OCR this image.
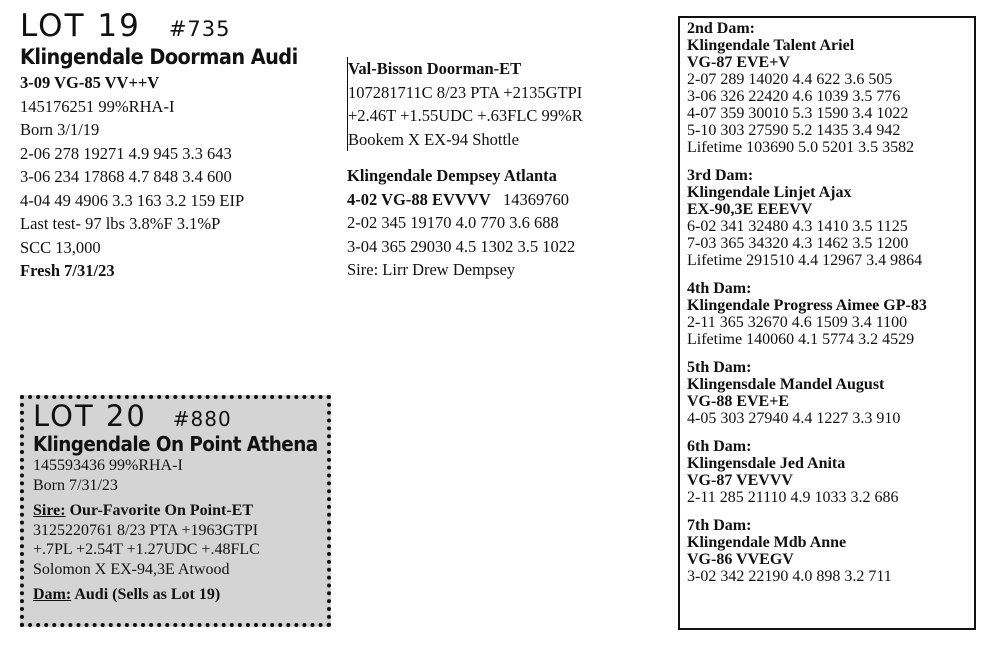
LOT 19 #735
Klingendale Doorman Audi
3-09 VG-85 VV++V
145176251 99%RHA-I
Born 3/1/19
2-06 278 19271 4.9 945 3.3 643
3-06 234 17868 4.7 848 3.4 600
4-04 49 4906 3.3 163 3.2 159 EIP
Last test- 97 lbs 3.8%F 3.1%P
SCC 13,000
Fresh 7/31/23
Val-Bisson Doorman-ET
107281711C 8/23 PTA +2135GTPI
+2.46T +1.55UDC +.63FLC 99%R
Bookem X EX-94 Shottle
Klingendale Dempsey Atlanta
4-02 VG-88 EVVVV 14369760
2-02 345 19170 4.0 770 3.6 688
3-04 365 29030 4.5 1302 3.5 1022
Sire: Lirr Drew Dempsey
2nd Dam:
Klingendale Talent Ariel
VG-87 EVE+V
2-07 289 14020 4.4 622 3.6 505
3-06 326 22420 4.6 1039 3.5 776
4-07 359 30010 5.3 1590 3.4 1022
5-10 303 27590 5.2 1435 3.4 942
Lifetime 103690 5.0 5201 3.5 3582
3rd Dam:
Klingendale Linjet Ajax
EX-90,3E EEEVV
6-02 341 32480 4.3 1410 3.5 1125
7-03 365 34320 4.3 1462 3.5 1200
Lifetime 291510 4.4 12967 3.4 9864
4th Dam:
Klingendale Progress Aimee GP-83
2-11 365 32670 4.6 1509 3.4 1100
Lifetime 140060 4.1 5774 3.2 4529
5th Dam:
Klingensdale Mandel August
VG-88 EVE+E
4-05 303 27940 4.4 1227 3.3 910
6th Dam:
Klingensdale Jed Anita
VG-87 VEVVV
2-11 285 21110 4.9 1033 3.2 686
7th Dam:
Klingendale Mdb Anne
VG-86 VVEGV
3-02 342 22190 4.0 898 3.2 711
LOT 20 #880
Klingendale On Point Athena
145593436 99%RHA-I
Born 7/31/23
Sire: Our-Favorite On Point-ET
3125220761 8/23 PTA +1963GTPI
+.7PL +2.54T +1.27UDC +.48FLC
Solomon X EX-94,3E Atwood
Dam: Audi (Sells as Lot 19)
